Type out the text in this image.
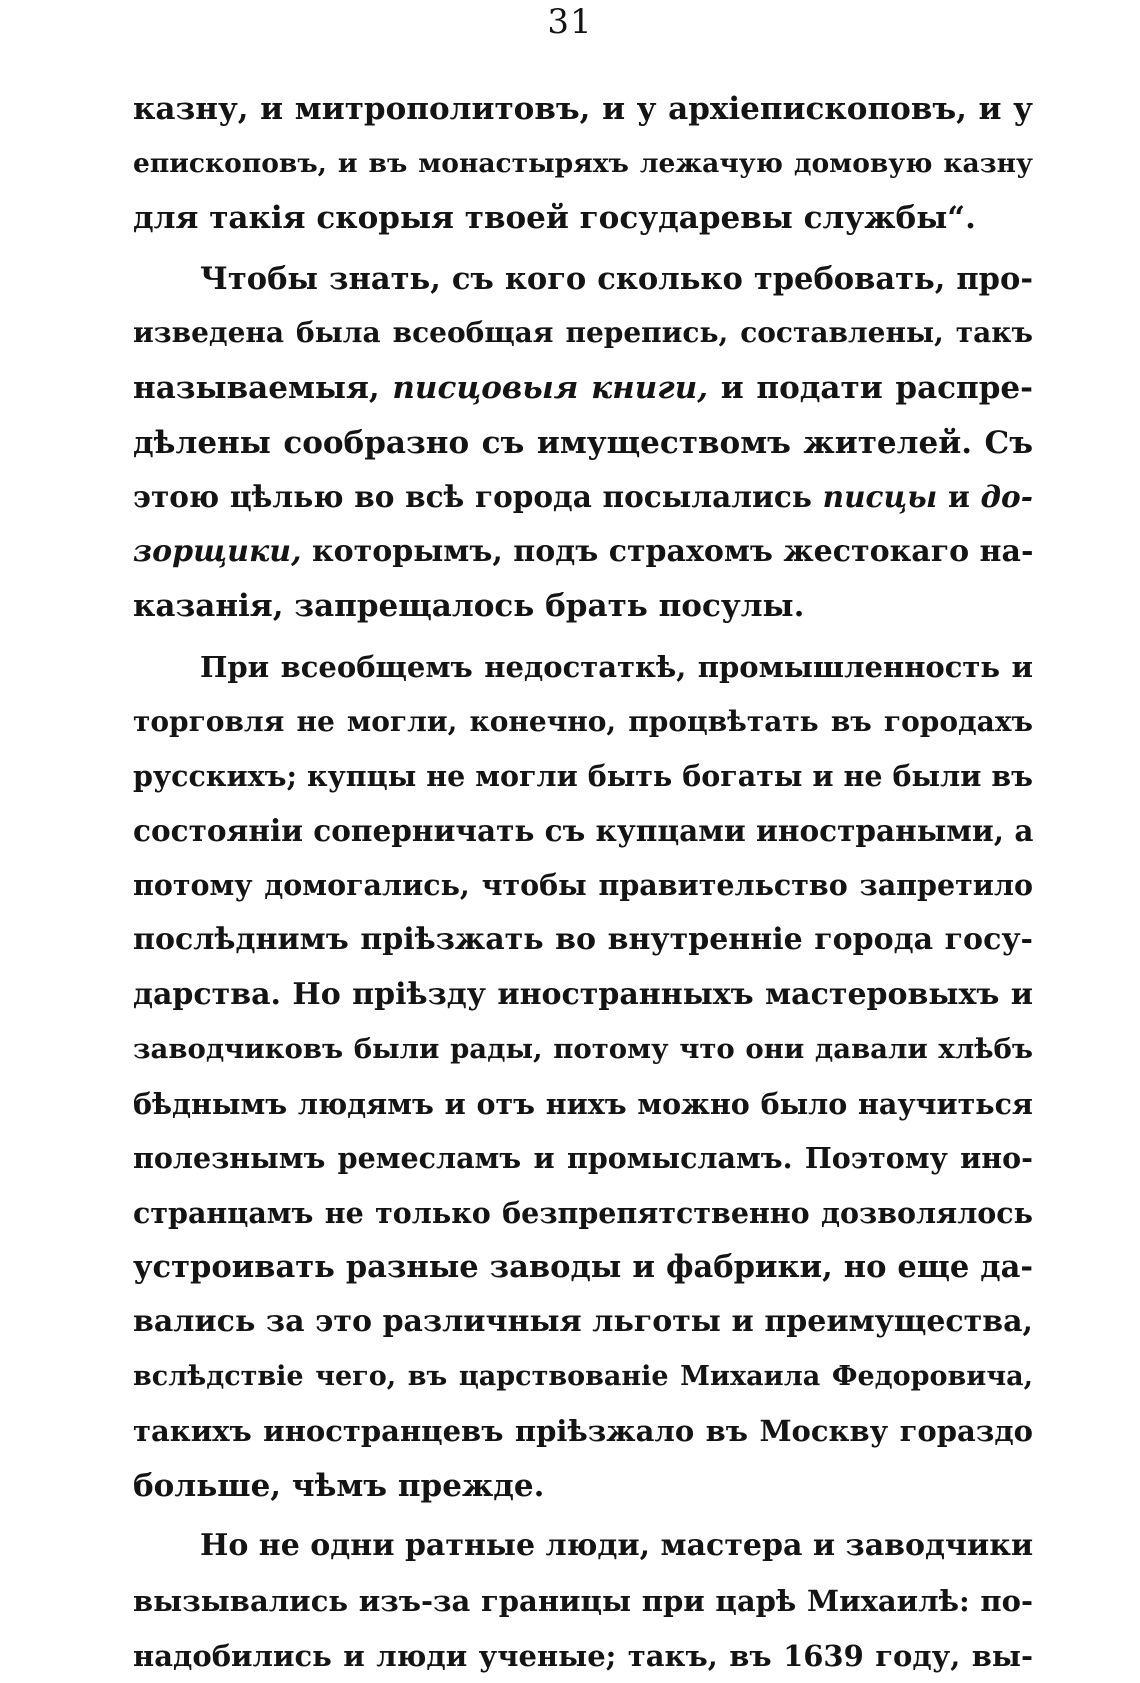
31
казну, и митрополитовъ, и у архіепископовъ, и у
епископовъ, и въ монастыряхъ лежачую домовую казну
для такія скорыя твоей государевы службы“.
Чтобы знать, съ кого сколько требовать, про-
изведена была всеобщая перепись, составлены, такъ
называемыя, писцовыя книги, и подати распре-
дѣлены сообразно съ имуществомъ жителей. Съ
этою цѣлью во всѣ города посылались писцы и до-
зорщики, которымъ, подъ страхомъ жестокаго на-
казанія, запрещалось брать посулы.
При всеобщемъ недостаткѣ, промышленность и
торговля не могли, конечно, процвѣтать въ городахъ
русскихъ; купцы не могли быть богаты и не были въ
состояніи соперничать съ купцами иностраными, а
потому домогались, чтобы правительство запретило
послѣднимъ пріѣзжать во внутренніе города госу-
дарства. Но пріѣзду иностранныхъ мастеровыхъ и
заводчиковъ были рады, потому что они давали хлѣбъ
бѣднымъ людямъ и отъ нихъ можно было научиться
полезнымъ ремесламъ и промысламъ. Поэтому ино-
странцамъ не только безпрепятственно дозволялось
устроивать разные заводы и фабрики, но еще да-
вались за это различныя льготы и преимущества,
вслѣдствіе чего, въ царствованіе Михаила Федоровича,
такихъ иностранцевъ пріѣзжало въ Москву гораздо
больше, чѣмъ прежде.
Но не одни ратные люди, мастера и заводчики
вызывались изъ-за границы при царѣ Михаилѣ: по-
надобились и люди ученые; такъ, въ 1639 году, вы-
